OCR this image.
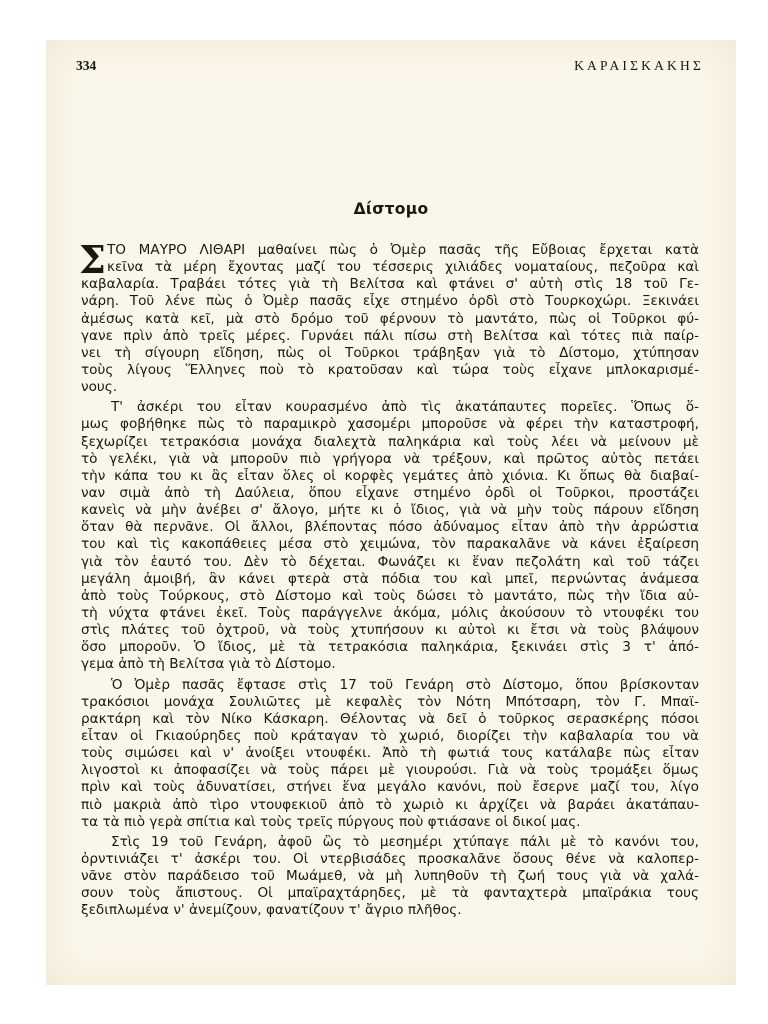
334	ΚΑΡΑΙΣΚΑΚΗΣ
Δίστομο
Σ ΤΟ ΜΑΥΡΟ ΛΙΘΑΡΙ μαθαίνει πὼς ὁ Ὀμὲρ πασᾶς τῆς Εὔβοιας ἔρχεται κατὰ
κεῖνα τὰ μέρη ἔχοντας μαζί του τέσσερις χιλιάδες νοματαίους, πεζοῦρα καὶ
καβαλαρία. Τραβάει τότες γιὰ τὴ Βελίτσα καὶ φτάνει σ' αὐτὴ στὶς 18 τοῦ Γε-
νάρη. Τοῦ λένε πὼς ὁ Ὀμὲρ πασᾶς εἶχε στημένο ὀρδὶ στὸ Τουρκοχώρι. Ξεκινάει
ἀμέσως κατὰ κεῖ, μὰ στὸ δρόμο τοῦ φέρνουν τὸ μαντάτο, πὼς οἱ Τοῦρκοι φύ-
γανε πρὶν ἀπὸ τρεῖς μέρες. Γυρνάει πάλι πίσω στὴ Βελίτσα καὶ τότες πιὰ παίρ-
νει τὴ σίγουρη εἴδηση, πὼς οἱ Τοῦρκοι τράβηξαν γιὰ τὸ Δίστομο, χτύπησαν
τοὺς λίγους Ἕλληνες ποὺ τὸ κρατοῦσαν καὶ τώρα τοὺς εἶχανε μπλοκαρισμέ-
νους.
Τ' ἀσκέρι του εἶταν κουρασμένο ἀπὸ τὶς ἀκατάπαυτες πορεῖες. Ὅπως ὅ-
μως φοβήθηκε πὼς τὸ παραμικρὸ χασομέρι μποροῦσε νὰ φέρει τὴν καταστροφή,
ξεχωρίζει τετρακόσια μονάχα διαλεχτὰ παληκάρια καὶ τοὺς λέει νὰ μείνουν μὲ
τὸ γελέκι, γιὰ νὰ μποροῦν πιὸ γρήγορα νὰ τρέξουν, καὶ πρῶτος αὐτὸς πετάει
τὴν κάπα του κι ἂς εἶταν ὅλες οἱ κορφὲς γεμάτες ἀπὸ χιόνια. Κι ὅπως θὰ διαβαί-
ναν σιμὰ ἀπὸ τὴ Δαύλεια, ὅπου εἶχανε στημένο ὀρδὶ οἱ Τοῦρκοι, προστάζει
κανεὶς νὰ μὴν ἀνέβει σ' ἄλογο, μήτε κι ὁ ἴδιος, γιὰ νὰ μὴν τοὺς πάρουν εἴδηση
ὅταν θὰ περνᾶνε. Οἱ ἄλλοι, βλέποντας πόσο ἀδύναμος εἶταν ἀπὸ τὴν ἀρρώστια
του καὶ τὶς κακοπάθειες μέσα στὸ χειμώνα, τὸν παρακαλᾶνε νὰ κάνει ἐξαίρεση
γιὰ τὸν ἑαυτό του. Δὲν τὸ δέχεται. Φωνάζει κι ἕναν πεζολάτη καὶ τοῦ τάζει
μεγάλη ἀμοιβή, ἂν κάνει φτερὰ στὰ πόδια του καὶ μπεῖ, περνώντας ἀνάμεσα
ἀπὸ τοὺς Τούρκους, στὸ Δίστομο καὶ τοὺς δώσει τὸ μαντάτο, πὼς τὴν ἴδια αὐ-
τὴ νύχτα φτάνει ἐκεῖ. Τοὺς παράγγελνε ἀκόμα, μόλις ἀκούσουν τὸ ντουφέκι του
στὶς πλάτες τοῦ ὀχτροῦ, νὰ τοὺς χτυπήσουν κι αὐτοὶ κι ἔτσι νὰ τοὺς βλάψουν
ὅσο μποροῦν. Ὁ ἴδιος, μὲ τὰ τετρακόσια παληκάρια, ξεκινάει στὶς 3 τ' ἀπό-
γεμα ἀπὸ τὴ Βελίτσα γιὰ τὸ Δίστομο.
Ὁ Ὀμὲρ πασᾶς ἔφτασε στὶς 17 τοῦ Γενάρη στὸ Δίστομο, ὅπου βρίσκονταν
τρακόσιοι μονάχα Σουλιῶτες μὲ κεφαλὲς τὸν Νότη Μπότσαρη, τὸν Γ. Μπαϊ-
ρακτάρη καὶ τὸν Νίκο Κάσκαρη. Θέλοντας νὰ δεῖ ὁ τοῦρκος σερασκέρης πόσοι
εἶταν οἱ Γκιαούρηδες ποὺ κράταγαν τὸ χωριό, διορίζει τὴν καβαλαρία του νὰ
τοὺς σιμώσει καὶ ν' ἀνοίξει ντουφέκι. Ἀπὸ τὴ φωτιά τους κατάλαβε πὼς εἶταν
λιγοστοὶ κι ἀποφασίζει νὰ τοὺς πάρει μὲ γιουρούσι. Γιὰ νὰ τοὺς τρομάξει ὅμως
πρὶν καὶ τοὺς ἀδυνατίσει, στήνει ἕνα μεγάλο κανόνι, ποὺ ἔσερνε μαζί του, λίγο
πιὸ μακριὰ ἀπὸ τὶρο ντουφεκιοῦ ἀπὸ τὸ χωριὸ κι ἀρχίζει νὰ βαράει ἀκατάπαυ-
τα τὰ πιὸ γερὰ σπίτια καὶ τοὺς τρεῖς πύργους ποὺ φτιάσανε οἱ δικοί μας.
Στὶς 19 τοῦ Γενάρη, ἀφοῦ ὣς τὸ μεσημέρι χτύπαγε πάλι μὲ τὸ κανόνι του,
ὀρντινιάζει τ' ἀσκέρι του. Οἱ ντερβισάδες προσκαλᾶνε ὅσους θένε νὰ καλοπερ-
νᾶνε στὸν παράδεισο τοῦ Μωάμεθ, νὰ μὴ λυπηθοῦν τὴ ζωή τους γιὰ νὰ χαλά-
σουν τοὺς ἄπιστους. Οἱ μπαϊραχτάρηδες, μὲ τὰ φανταχτερὰ μπαϊράκια τους
ξεδιπλωμένα ν' ἀνεμίζουν, φανατίζουν τ' ἄγριο πλῆθος.
